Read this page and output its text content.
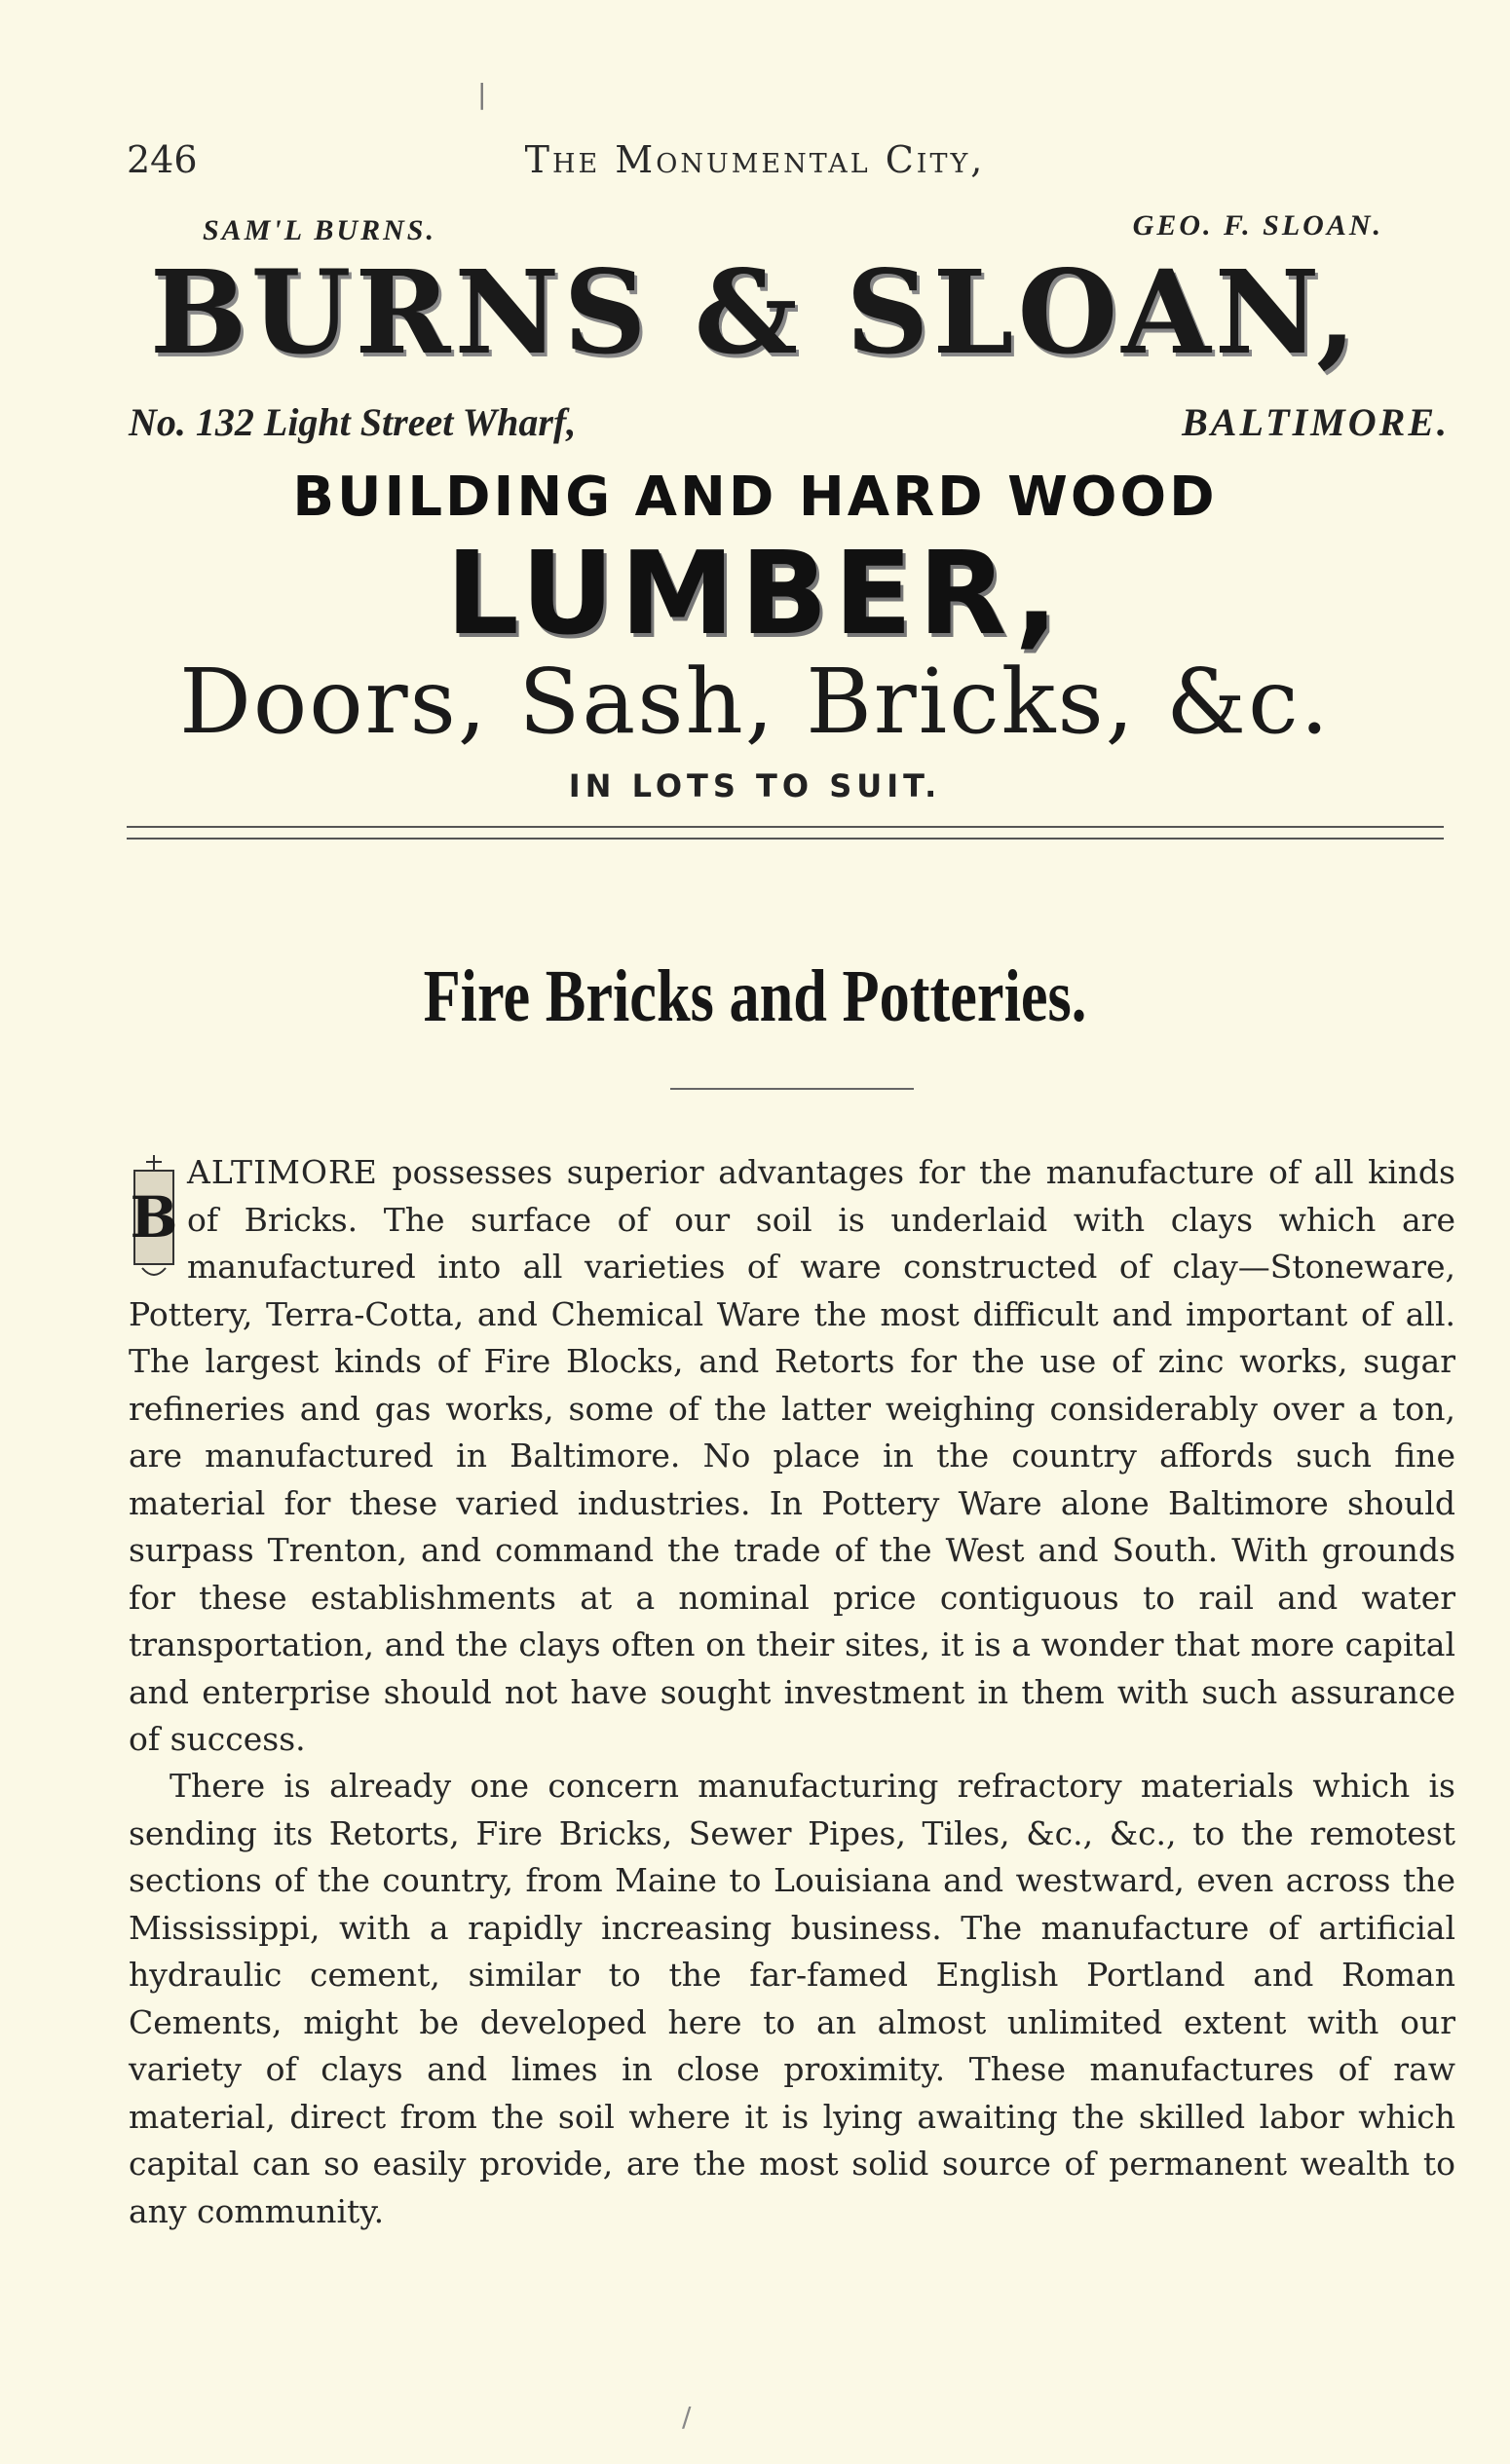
|
246	The Monumental City,
SAM'L BURNS.	GEO. F. SLOAN.
BURNS & SLOAN,
No. 132 Light Street Wharf,	BALTIMORE.
BUILDING AND HARD WOOD
LUMBER,
Doors, Sash, Bricks, &c.
IN LOTS TO SUIT.
Fire Bricks and Potteries.

B
ALTIMORE possesses superior advantages for the manufacture of all kinds of Bricks. The surface of our soil is underlaid with clays which are manufactured into all varieties of ware constructed of clay—Stoneware, Pottery, Terra-Cotta, and Chemical Ware the most difficult and important of all. The largest kinds of Fire Blocks, and Retorts for the use of zinc works, sugar refineries and gas works, some of the latter weighing considerably over a ton, are manufactured in Baltimore. No place in the country affords such fine material for these varied industries. In Pottery Ware alone Baltimore should surpass Trenton, and command the trade of the West and South. With grounds for these establishments at a nominal price contiguous to rail and water transportation, and the clays often on their sites, it is a wonder that more capital and enterprise should not have sought investment in them with such assurance of success.

There is already one concern manufacturing refractory materials which is sending its Retorts, Fire Bricks, Sewer Pipes, Tiles, &c., &c., to the remotest sections of the country, from Maine to Louisiana and westward, even across the Mississippi, with a rapidly increasing business. The manufacture of artificial hydraulic cement, similar to the far-famed English Portland and Roman Cements, might be developed here to an almost unlimited extent with our variety of clays and limes in close proximity. These manufactures of raw material, direct from the soil where it is lying awaiting the skilled labor which capital can so easily provide, are the most solid source of permanent wealth to any community.

/
